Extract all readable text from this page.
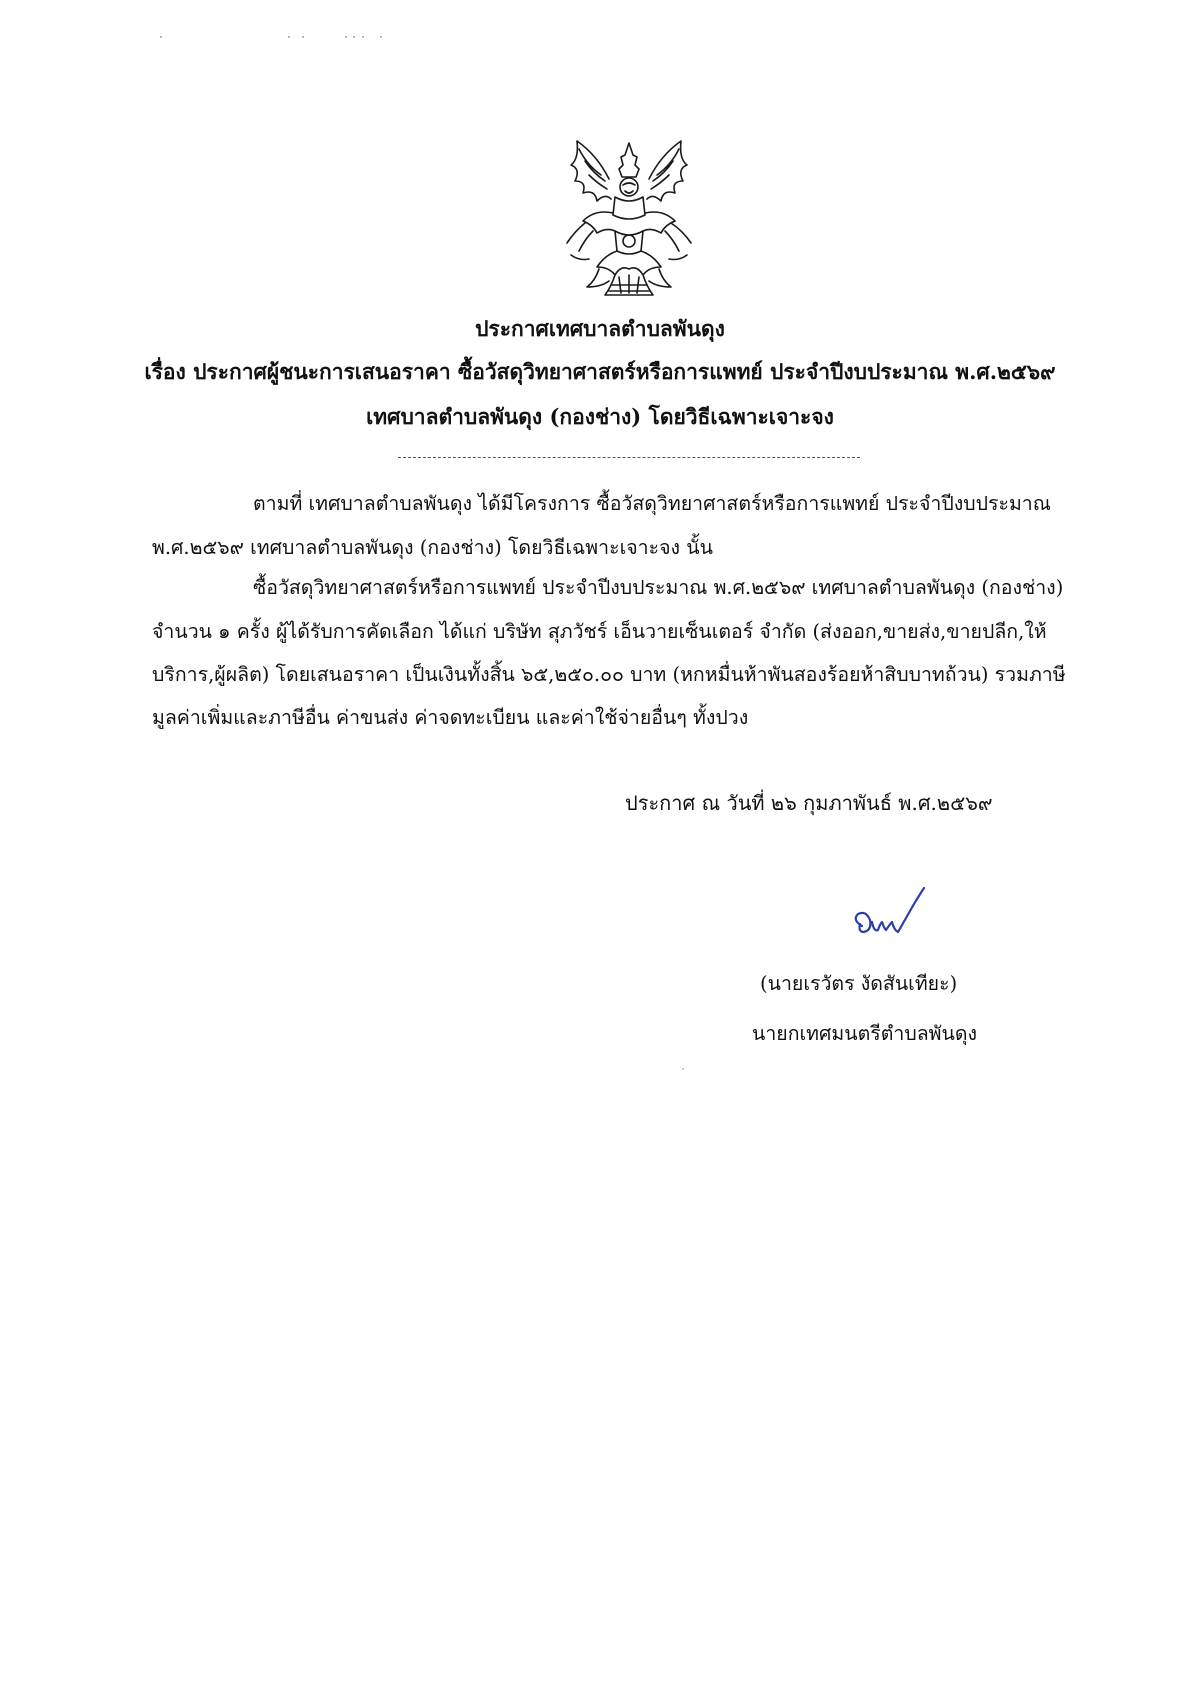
ประกาศเทศบาลตำบลพันดุง
เรื่อง ประกาศผู้ชนะการเสนอราคา ซื้อวัสดุวิทยาศาสตร์หรือการแพทย์ ประจำปีงบประมาณ พ.ศ.๒๕๖๙
เทศบาลตำบลพันดุง (กองช่าง) โดยวิธีเฉพาะเจาะจง
ตามที่ เทศบาลตำบลพันดุง ได้มีโครงการ ซื้อวัสดุวิทยาศาสตร์หรือการแพทย์ ประจำปีงบประมาณ
พ.ศ.๒๕๖๙ เทศบาลตำบลพันดุง (กองช่าง) โดยวิธีเฉพาะเจาะจง นั้น
ซื้อวัสดุวิทยาศาสตร์หรือการแพทย์ ประจำปีงบประมาณ พ.ศ.๒๕๖๙ เทศบาลตำบลพันดุง (กองช่าง)
จำนวน ๑ ครั้ง ผู้ได้รับการคัดเลือก ได้แก่ บริษัท สุภวัชร์ เอ็นวายเซ็นเตอร์ จำกัด (ส่งออก,ขายส่ง,ขายปลีก,ให้
บริการ,ผู้ผลิต) โดยเสนอราคา เป็นเงินทั้งสิ้น ๖๕,๒๕๐.๐๐ บาท (หกหมื่นห้าพันสองร้อยห้าสิบบาทถ้วน) รวมภาษี
มูลค่าเพิ่มและภาษีอื่น ค่าขนส่ง ค่าจดทะเบียน และค่าใช้จ่ายอื่นๆ ทั้งปวง
ประกาศ ณ วันที่ ๒๖ กุมภาพันธ์ พ.ศ.๒๕๖๙
(นายเรวัตร งัดสันเทียะ)
นายกเทศมนตรีตำบลพันดุง
